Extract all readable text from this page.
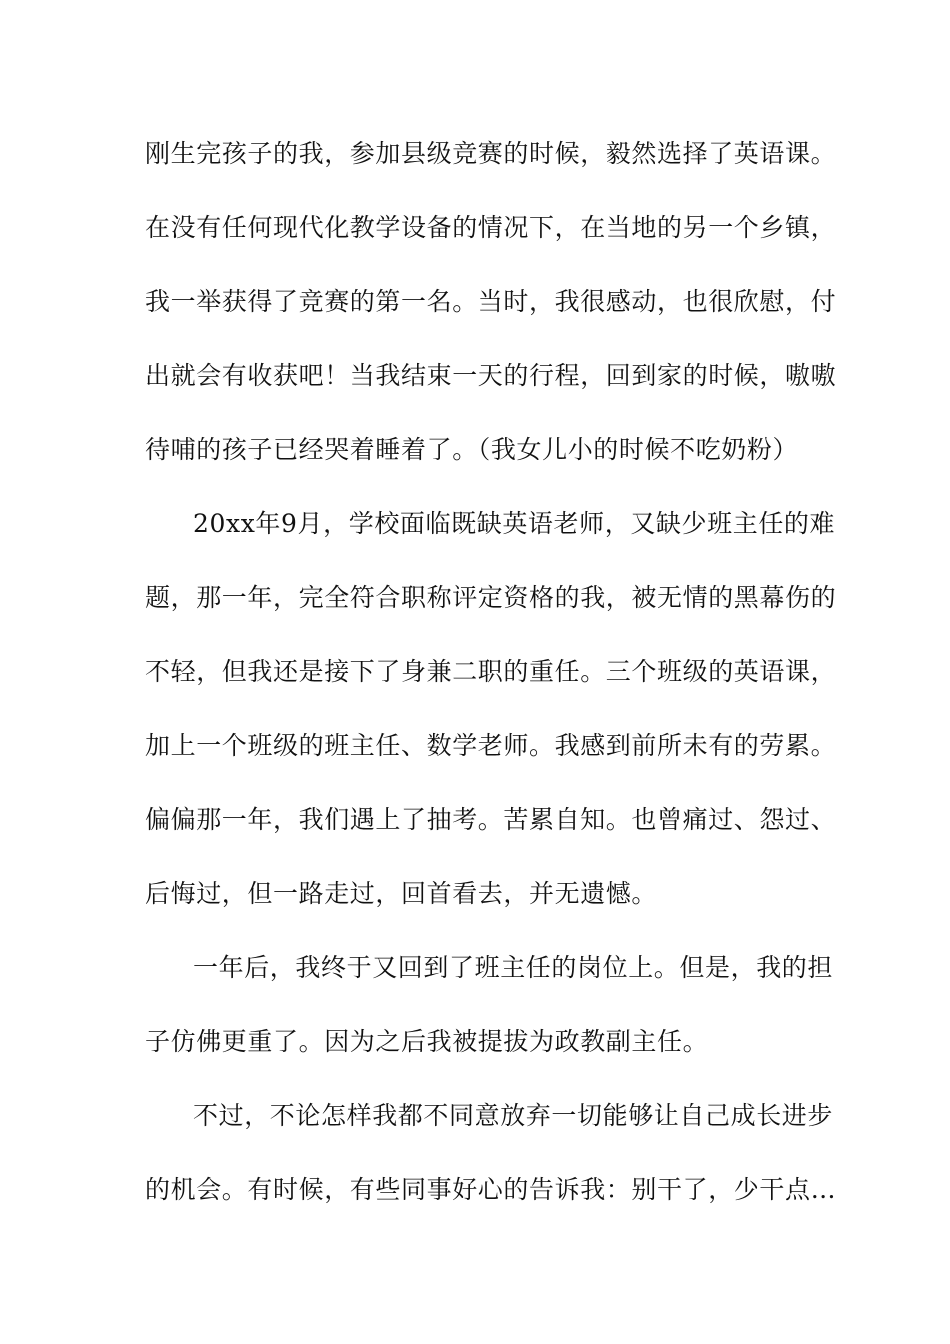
刚生完孩子的我，参加县级竞赛的时候，毅然选择了英语课。
在没有任何现代化教学设备的情况下，在当地的另一个乡镇，
我一举获得了竞赛的第一名。当时，我很感动，也很欣慰，付
出就会有收获吧！当我结束一天的行程，回到家的时候，嗷嗷
待哺的孩子已经哭着睡着了。（我女儿小的时候不吃奶粉）
20xx年9月，学校面临既缺英语老师，又缺少班主任的难
题，那一年，完全符合职称评定资格的我，被无情的黑幕伤的
不轻，但我还是接下了身兼二职的重任。三个班级的英语课，
加上一个班级的班主任、数学老师。我感到前所未有的劳累。
偏偏那一年，我们遇上了抽考。苦累自知。也曾痛过、怨过、
后悔过，但一路走过，回首看去，并无遗憾。
一年后，我终于又回到了班主任的岗位上。但是，我的担
子仿佛更重了。因为之后我被提拔为政教副主任。
不过，不论怎样我都不同意放弃一切能够让自己成长进步
的机会。有时候，有些同事好心的告诉我：别干了，少干点…
